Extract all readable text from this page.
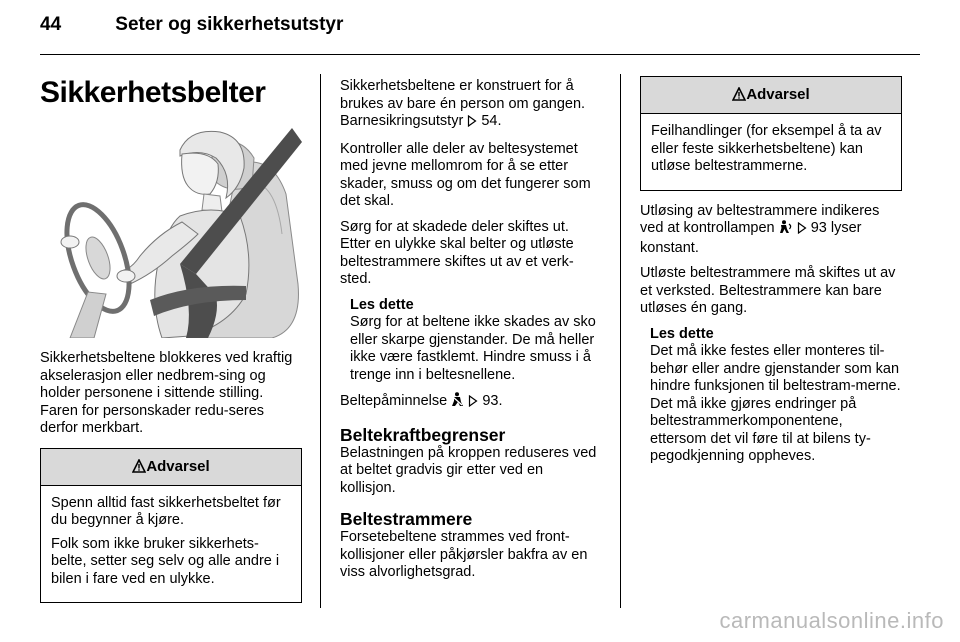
44	Seter og sikkerhetsutstyr
Sikkerhetsbelter

Sikkerhetsbeltene blokkeres ved kraftig akselerasjon eller nedbrem-sing og holder personene i sittende stilling. Faren for personskader redu-seres derfor merkbart.

Advarsel

Spenn alltid fast sikkerhetsbeltet før du begynner å kjøre.

Folk som ikke bruker sikkerhets-belte, setter seg selv og alle andre i bilen i fare ved en ulykke.

Sikkerhetsbeltene er konstruert for å brukes av bare én person om gangen. Barnesikringsutstyr 54.

Kontroller alle deler av beltesystemet med jevne mellomrom for å se etter skader, smuss og om det fungerer som det skal.

Sørg for at skadede deler skiftes ut. Etter en ulykke skal belter og utløste beltestrammere skiftes ut av et verk-sted.

Les dette

Sørg for at beltene ikke skades av sko eller skarpe gjenstander. De må heller ikke være fastklemt. Hindre smuss i å trenge inn i beltesnellene.

Beltepåminnelse 93.

Beltekraftbegrenser

Belastningen på kroppen reduseres ved at beltet gradvis gir etter ved en kollisjon.

Beltestrammere

Forsetebeltene strammes ved front-kollisjoner eller påkjørsler bakfra av en viss alvorlighetsgrad.

Advarsel

Feilhandlinger (for eksempel å ta av eller feste sikkerhetsbeltene) kan utløse beltestrammerne.

Utløsing av beltestrammere indikeres ved at kontrollampen 93 lyser konstant.

Utløste beltestrammere må skiftes ut av et verksted. Beltestrammere kan bare utløses én gang.

Les dette

Det må ikke festes eller monteres til-behør eller andre gjenstander som kan hindre funksjonen til beltestram-merne. Det må ikke gjøres endringer på beltestrammerkomponentene, ettersom det vil føre til at bilens ty-pegodkjenning oppheves.

carmanualsonline.info
